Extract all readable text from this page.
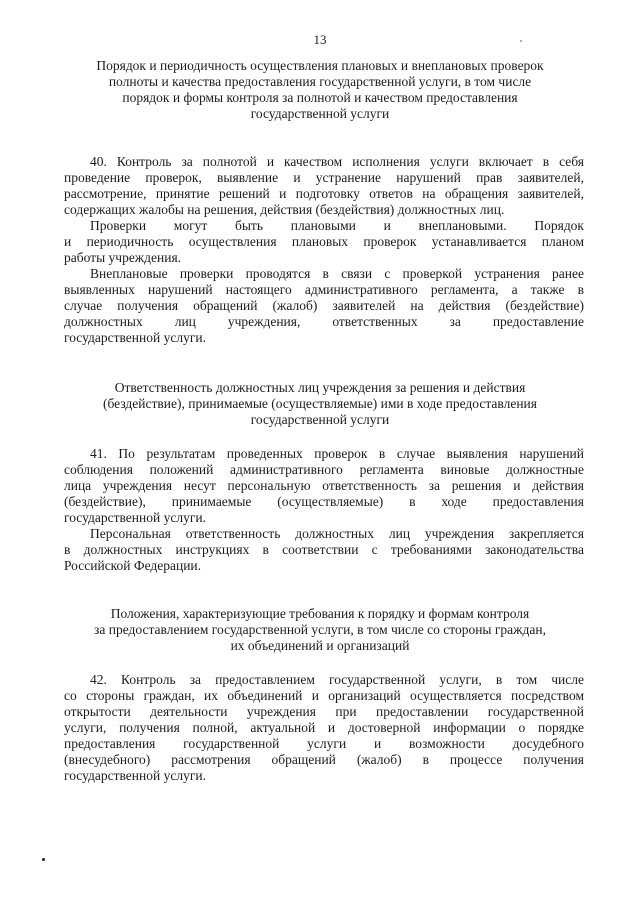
13
Порядок и периодичность осуществления плановых и внеплановых проверок
полноты и качества предоставления государственной услуги, в том числе
порядок и формы контроля за полнотой и качеством предоставления
государственной услуги
40. Контроль за полнотой и качеством исполнения услуги включает в себя
проведение проверок, выявление и устранение нарушений прав заявителей,
рассмотрение, принятие решений и подготовку ответов на обращения заявителей,
содержащих жалобы на решения, действия (бездействия) должностных лиц.
Проверки могут быть плановыми и внеплановыми. Порядок
и периодичность осуществления плановых проверок устанавливается планом
работы учреждения.
Внеплановые проверки проводятся в связи с проверкой устранения ранее
выявленных нарушений настоящего административного регламента, а также в
случае получения обращений (жалоб) заявителей на действия (бездействие)
должностных лиц учреждения, ответственных за предоставление
государственной услуги.
Ответственность должностных лиц учреждения за решения и действия
(бездействие), принимаемые (осуществляемые) ими в ходе предоставления
государственной услуги
41. По результатам проведенных проверок в случае выявления нарушений
соблюдения положений административного регламента виновые должностные
лица учреждения несут персональную ответственность за решения и действия
(бездействие), принимаемые (осуществляемые) в ходе предоставления
государственной услуги.
Персональная ответственность должностных лиц учреждения закрепляется
в должностных инструкциях в соответствии с требованиями законодательства
Российской Федерации.
Положения, характеризующие требования к порядку и формам контроля
за предоставлением государственной услуги, в том числе со стороны граждан,
их объединений и организаций
42. Контроль за предоставлением государственной услуги, в том числе
со стороны граждан, их объединений и организаций осуществляется посредством
открытости деятельности учреждения при предоставлении государственной
услуги, получения полной, актуальной и достоверной информации о порядке
предоставления государственной услуги и возможности досудебного
(внесудебного) рассмотрения обращений (жалоб) в процессе получения
государственной услуги.
